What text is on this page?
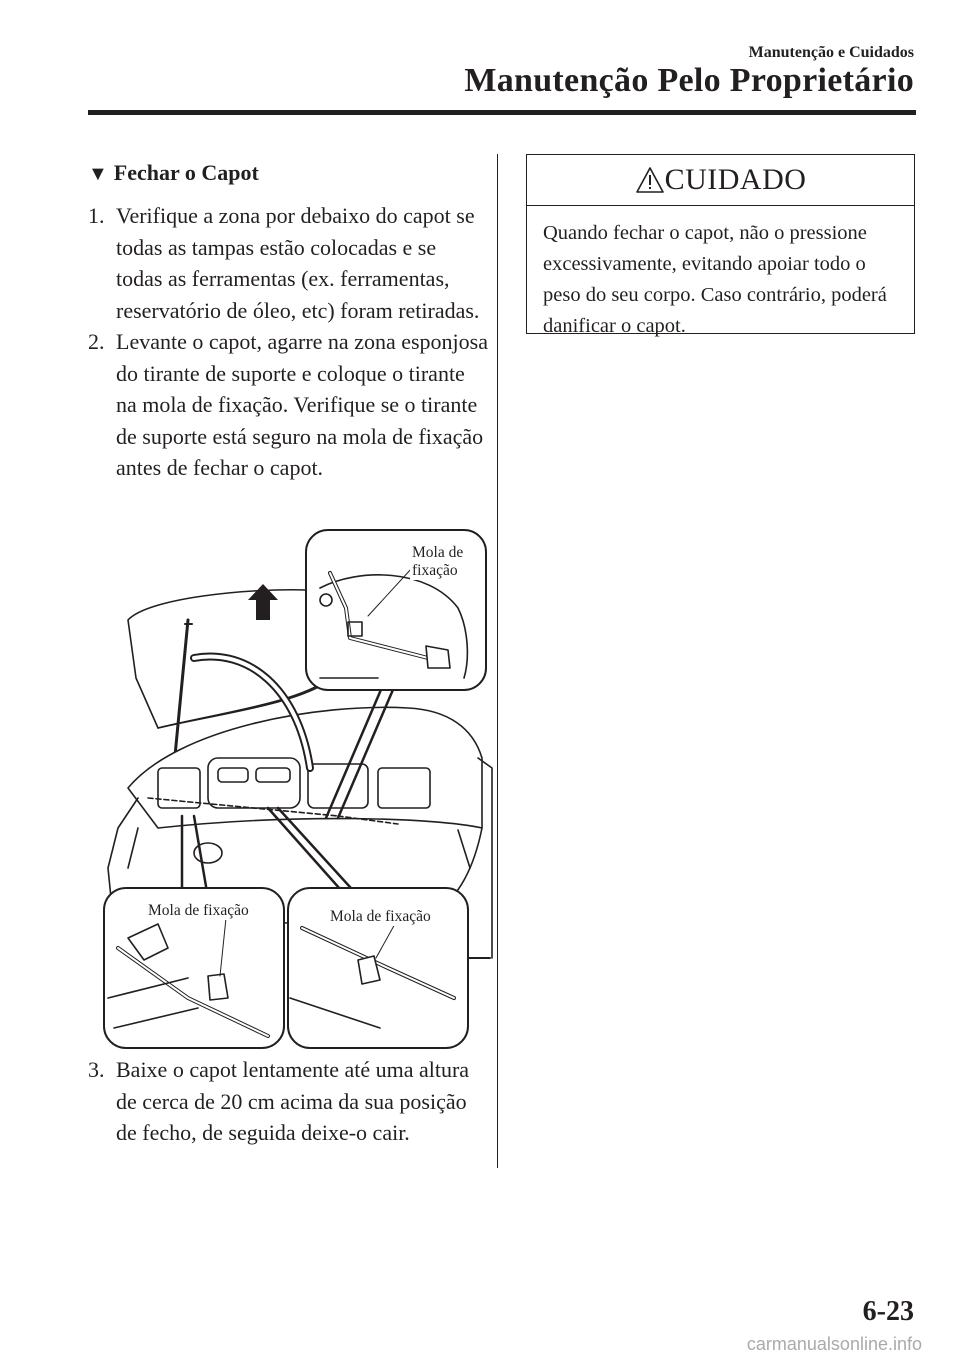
Manutenção e Cuidados
Manutenção Pelo Proprietário
▼ Fechar o Capot
1. Verifique a zona por debaixo do capot se todas as tampas estão colocadas e se todas as ferramentas (ex. ferramentas, reservatório de óleo, etc) foram retiradas.
2. Levante o capot, agarre na zona esponjosa do tirante de suporte e coloque o tirante na mola de fixação. Verifique se o tirante de suporte está seguro na mola de fixação antes de fechar o capot.
Mola de
fixação
Mola de fixação	Mola de fixação
3. Baixe o capot lentamente até uma altura de cerca de 20 cm acima da sua posição de fecho, de seguida deixe-o cair.
CUIDADO
Quando fechar o capot, não o pressione excessivamente, evitando apoiar todo o peso do seu corpo. Caso contrário, poderá danificar o capot.
6-23
carmanualsonline.info
